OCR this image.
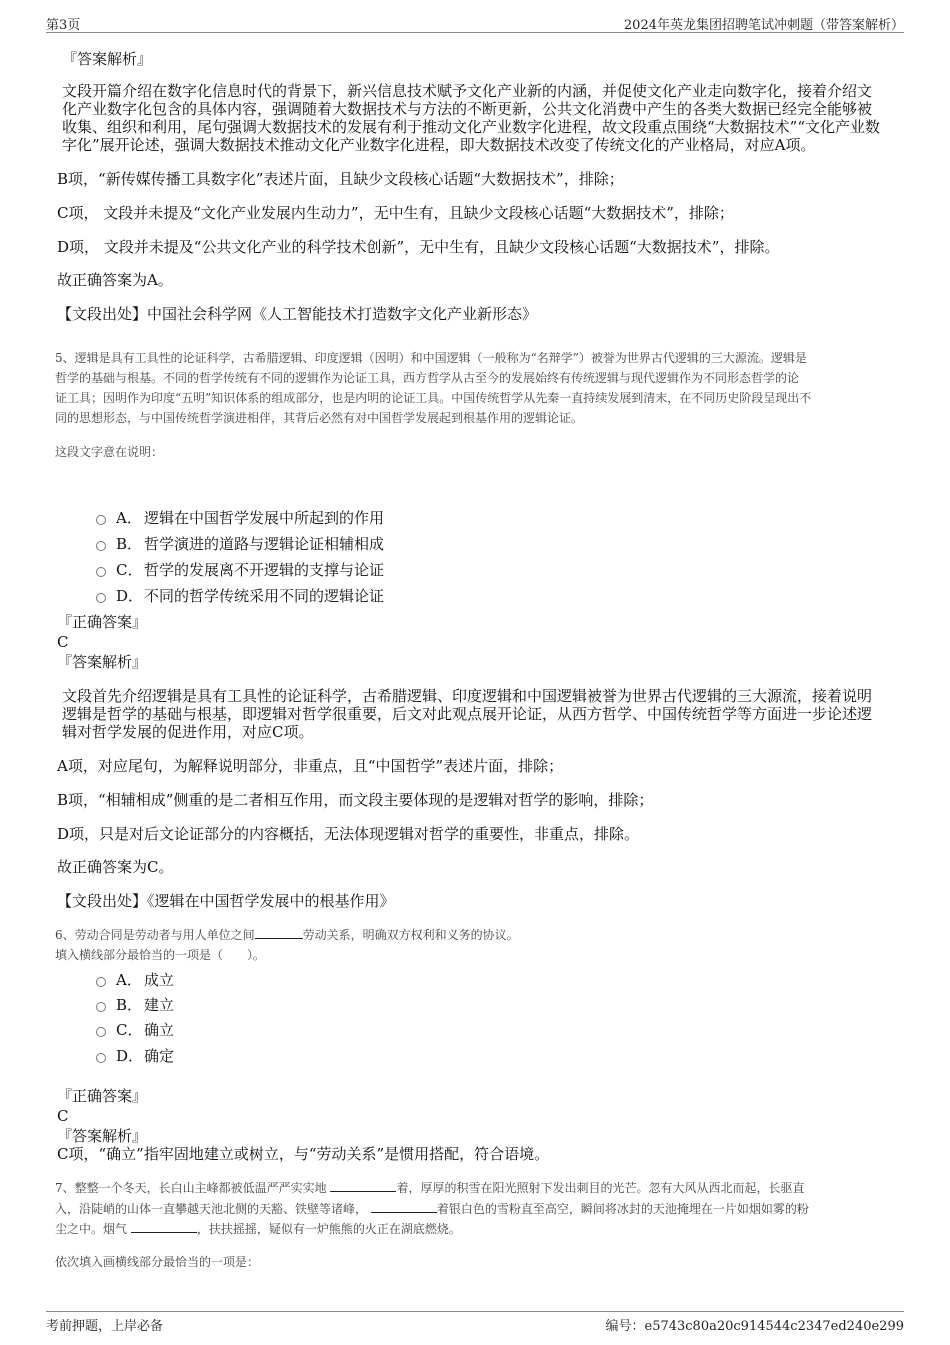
第3页	2024年英龙集团招聘笔试冲刺题（带答案解析）

『答案解析』

文段开篇介绍在数字化信息时代的背景下，新兴信息技术赋予文化产业新的内涵，并促使文化产业走向数字化，接着介绍文

化产业数字化包含的具体内容，强调随着大数据技术与方法的不断更新，公共文化消费中产生的各类大数据已经完全能够被

收集、组织和利用，尾句强调大数据技术的发展有利于推动文化产业数字化进程，故文段重点围绕“大数据技术”“文化产业数

字化”展开论述，强调大数据技术推动文化产业数字化进程，即大数据技术改变了传统文化的产业格局，对应A项。

B项，“新传媒传播工具数字化”表述片面，且缺少文段核心话题“大数据技术”，排除；

C项， 文段并未提及“文化产业发展内生动力”，无中生有，且缺少文段核心话题“大数据技术”，排除；

D项， 文段并未提及“公共文化产业的科学技术创新”，无中生有，且缺少文段核心话题“大数据技术”，排除。

故正确答案为A。

【文段出处】中国社会科学网《人工智能技术打造数字文化产业新形态》

5、逻辑是具有工具性的论证科学，古希腊逻辑、印度逻辑（因明）和中国逻辑（一般称为“名辩学”）被誉为世界古代逻辑的三大源流。逻辑是

哲学的基础与根基。不同的哲学传统有不同的逻辑作为论证工具，西方哲学从古至今的发展始终有传统逻辑与现代逻辑作为不同形态哲学的论

证工具；因明作为印度“五明”知识体系的组成部分，也是内明的论证工具。中国传统哲学从先秦一直持续发展到清末，在不同历史阶段呈现出不

同的思想形态，与中国传统哲学演进相伴，其背后必然有对中国哲学发展起到根基作用的逻辑论证。

这段文字意在说明：

A． 逻辑在中国哲学发展中所起到的作用
B． 哲学演进的道路与逻辑论证相辅相成
C． 哲学的发展离不开逻辑的支撑与论证
D．不同的哲学传统采用不同的逻辑论证

『正确答案』

C

『答案解析』

文段首先介绍逻辑是具有工具性的论证科学，古希腊逻辑、印度逻辑和中国逻辑被誉为世界古代逻辑的三大源流，接着说明

逻辑是哲学的基础与根基，即逻辑对哲学很重要，后文对此观点展开论证，从西方哲学、中国传统哲学等方面进一步论述逻

辑对哲学发展的促进作用，对应C项。

A项，对应尾句，为解释说明部分，非重点，且“中国哲学”表述片面，排除；

B项，“相辅相成”侧重的是二者相互作用，而文段主要体现的是逻辑对哲学的影响，排除；

D项，只是对后文论证部分的内容概括，无法体现逻辑对哲学的重要性，非重点，排除。

故正确答案为C。

【文段出处】《逻辑在中国哲学发展中的根基作用》

6、劳动合同是劳动者与用人单位之间	劳动关系，明确双方权利和义务的协议。

填入横线部分最恰当的一项是（　　）。

A． 成立
B． 建立
C． 确立
D．确定

『正确答案』

C

『答案解析』

C项，“确立”指牢固地建立或树立，与“劳动关系”是惯用搭配，符合语境。

7、整整一个冬天，长白山主峰都被低温严严实实地	着，厚厚的积雪在阳光照射下发出刺目的光芒。忽有大风从西北而起，长驱直

入，沿陡峭的山体一直攀越天池北侧的天豁、铁壁等诸峰，	着银白色的雪粉直至高空，瞬间将冰封的天池掩埋在一片如烟如雾的粉

尘之中。烟气	，扶扶摇摇，疑似有一炉熊熊的火正在湖底燃烧。

依次填入画横线部分最恰当的一项是：

考前押题，上岸必备	编号：e5743c80a20c914544c2347ed240e299
